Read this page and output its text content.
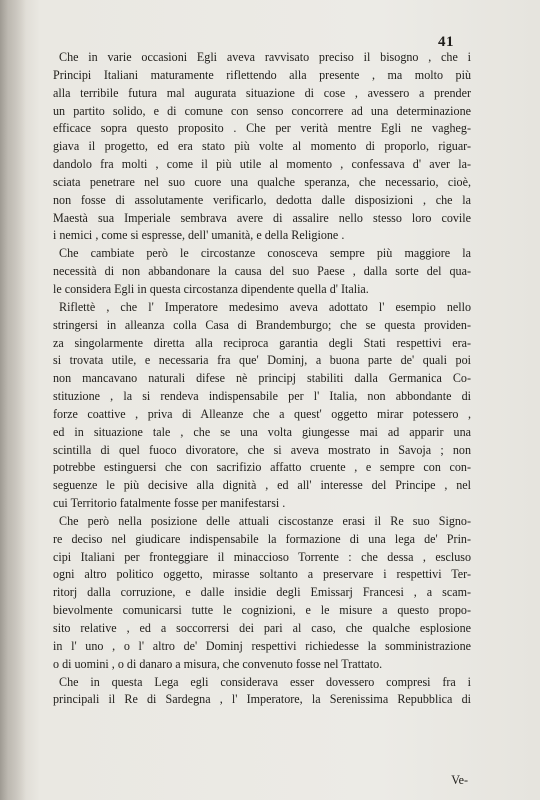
41
Che in varie occasioni Egli aveva ravvisato preciso il bisogno , che i
Principi Italiani maturamente riflettendo alla presente , ma molto più
alla terribile futura mal augurata situazione di cose , avessero a prender
un partito solido, e di comune con senso concorrere ad una determinazione
efficace sopra questo proposito . Che per verità mentre Egli ne vagheg-
giava il progetto, ed era stato più volte al momento di proporlo, riguar-
dandolo fra molti , come il più utile al momento , confessava d' aver la-
sciata penetrare nel suo cuore una qualche speranza, che necessario, cioè,
non fosse di assolutamente verificarlo, dedotta dalle disposizioni , che la
Maestà sua Imperiale sembrava avere di assalire nello stesso loro covile
i nemici , come si espresse, dell' umanità, e della Religione .
Che cambiate però le circostanze conosceva sempre più maggiore la
necessità di non abbandonare la causa del suo Paese , dalla sorte del qua-
le considera Egli in questa circostanza dipendente quella d' Italia.
Riflettè , che l' Imperatore medesimo aveva adottato l' esempio nello
stringersi in alleanza colla Casa di Brandemburgo; che se questa providen-
za singolarmente diretta alla reciproca garantia degli Stati respettivi era-
si trovata utile, e necessaria fra que' Dominj, a buona parte de' quali poi
non mancavano naturali difese nè principj stabiliti dalla Germanica Co-
stituzione , la si rendeva indispensabile per l' Italia, non abbondante di
forze coattive , priva di Alleanze che a quest' oggetto mirar potessero ,
ed in situazione tale , che se una volta giungesse mai ad apparir una
scintilla di quel fuoco divoratore, che si aveva mostrato in Savoja ; non
potrebbe estinguersi che con sacrifizio affatto cruente , e sempre con con-
seguenze le più decisive alla dignità , ed all' interesse del Principe , nel
cui Territorio fatalmente fosse per manifestarsi .
Che però nella posizione delle attuali ciscostanze erasi il Re suo Signo-
re deciso nel giudicare indispensabile la formazione di una lega de' Prin-
cipi Italiani per fronteggiare il minaccioso Torrente : che dessa , escluso
ogni altro politico oggetto, mirasse soltanto a preservare i respettivi Ter-
ritorj dalla corruzione, e dalle insidie degli Emissarj Francesi , a scam-
bievolmente comunicarsi tutte le cognizioni, e le misure a questo propo-
sito relative , ed a soccorrersi dei pari al caso, che qualche esplosione
in l' uno , o l' altro de' Dominj respettivi richiedesse la somministrazione
o di uomini , o di danaro a misura, che convenuto fosse nel Trattato.
Che in questa Lega egli considerava esser dovessero compresi fra i
principali il Re di Sardegna , l' Imperatore, la Serenissima Repubblica di
Ve-
